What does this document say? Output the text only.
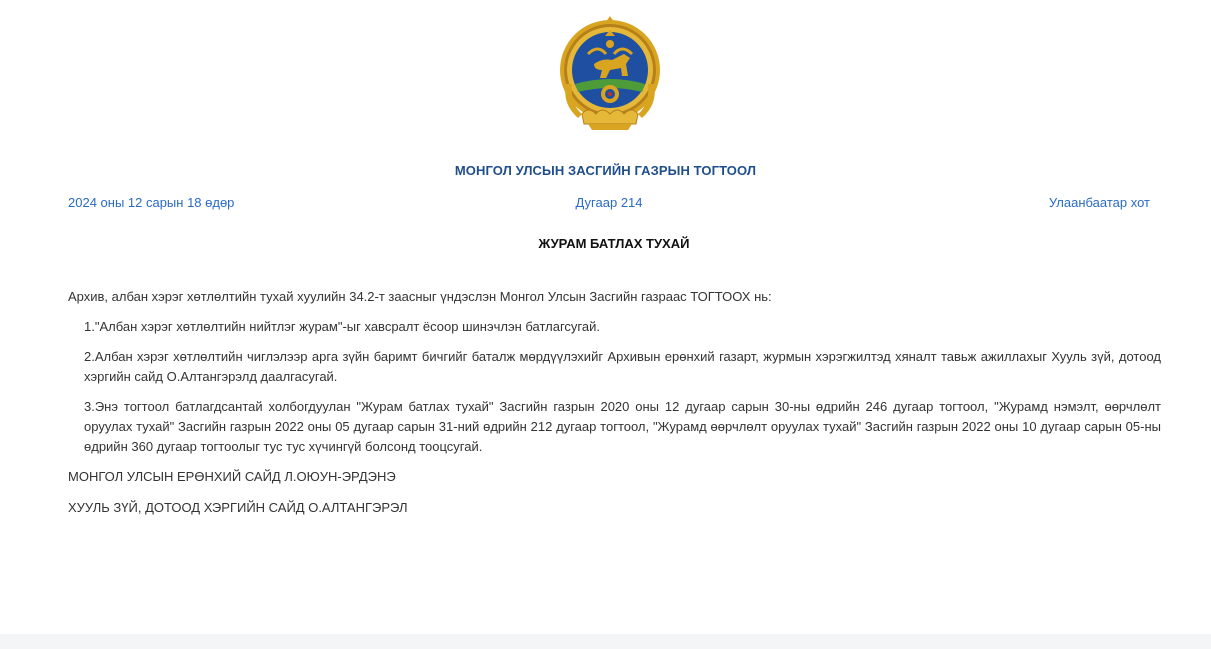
МОНГОЛ УЛСЫН ЗАСГИЙН ГАЗРЫН ТОГТООЛ
2024 оны 12 сарын 18 өдөр	Дугаар 214	Улаанбаатар хот
ЖУРАМ БАТЛАХ ТУХАЙ

Архив, албан хэрэг хөтлөлтийн тухай хуулийн 34.2-т заасныг үндэслэн Монгол Улсын Засгийн газраас ТОГТООХ нь:

1."Албан хэрэг хөтлөлтийн нийтлэг журам"-ыг хавсралт ёсоор шинэчлэн батлагсугай.

2.Албан хэрэг хөтлөлтийн чиглэлээр арга зүйн баримт бичгийг баталж мөрдүүлэхийг Архивын ерөнхий газарт, журмын хэрэгжилтэд хяналт тавьж ажиллахыг Хууль зүй, дотоод хэргийн сайд О.Алтангэрэлд даалгасугай.

3.Энэ тогтоол батлагдсантай холбогдуулан "Журам батлах тухай" Засгийн газрын 2020 оны 12 дугаар сарын 30-ны өдрийн 246 дугаар тогтоол, "Журамд нэмэлт, өөрчлөлт оруулах тухай" Засгийн газрын 2022 оны 05 дугаар сарын 31-ний өдрийн 212 дугаар тогтоол, "Журамд өөрчлөлт оруулах тухай" Засгийн газрын 2022 оны 10 дугаар сарын 05-ны өдрийн 360 дугаар тогтоолыг тус тус хүчингүй болсонд тооцсугай.

МОНГОЛ УЛСЫН ЕРӨНХИЙ САЙД Л.ОЮУН-ЭРДЭНЭ

ХУУЛЬ ЗҮЙ, ДОТООД ХЭРГИЙН САЙД О.АЛТАНГЭРЭЛ
